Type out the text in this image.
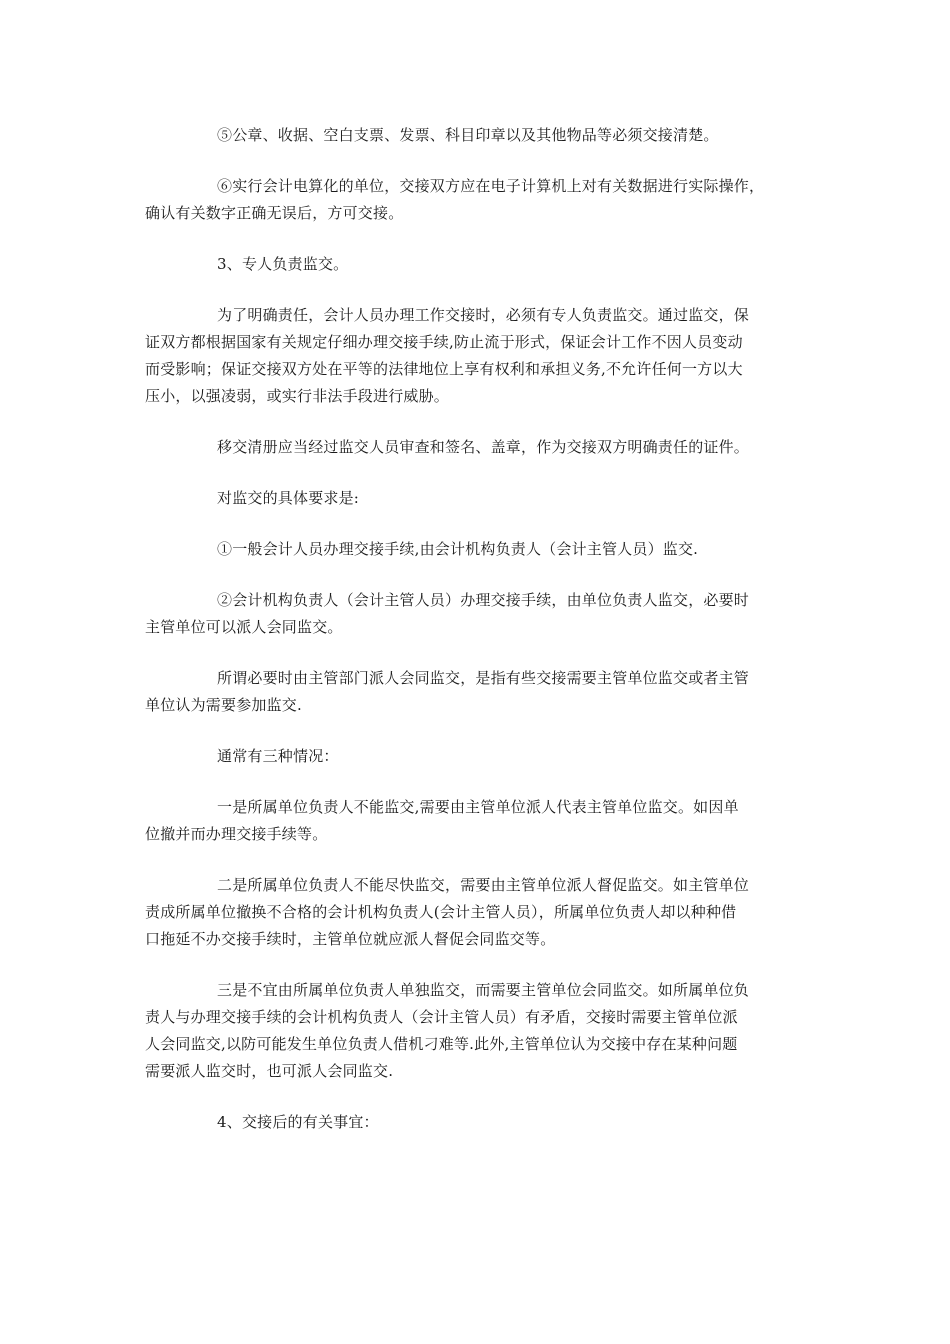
⑤公章、收据、空白支票、发票、科目印章以及其他物品等必须交接清楚。

⑥实行会计电算化的单位，交接双方应在电子计算机上对有关数据进行实际操作，
确认有关数字正确无误后，方可交接。

3、专人负责监交。

为了明确责任，会计人员办理工作交接时，必须有专人负责监交。通过监交，保
证双方都根据国家有关规定仔细办理交接手续,防止流于形式，保证会计工作不因人员变动
而受影响；保证交接双方处在平等的法律地位上享有权利和承担义务,不允许任何一方以大
压小，以强凌弱，或实行非法手段进行威胁。

移交清册应当经过监交人员审查和签名、盖章，作为交接双方明确责任的证件。

对监交的具体要求是:

①一般会计人员办理交接手续,由会计机构负责人（会计主管人员）监交.

②会计机构负责人（会计主管人员）办理交接手续，由单位负责人监交，必要时
主管单位可以派人会同监交。

所谓必要时由主管部门派人会同监交，是指有些交接需要主管单位监交或者主管
单位认为需要参加监交.

通常有三种情况：

一是所属单位负责人不能监交,需要由主管单位派人代表主管单位监交。如因单
位撤并而办理交接手续等。

二是所属单位负责人不能尽快监交，需要由主管单位派人督促监交。如主管单位
责成所属单位撤换不合格的会计机构负责人(会计主管人员），所属单位负责人却以种种借
口拖延不办交接手续时，主管单位就应派人督促会同监交等。

三是不宜由所属单位负责人单独监交，而需要主管单位会同监交。如所属单位负
责人与办理交接手续的会计机构负责人（会计主管人员）有矛盾，交接时需要主管单位派
人会同监交,以防可能发生单位负责人借机刁难等.此外,主管单位认为交接中存在某种问题
需要派人监交时，也可派人会同监交.

4、交接后的有关事宜：
